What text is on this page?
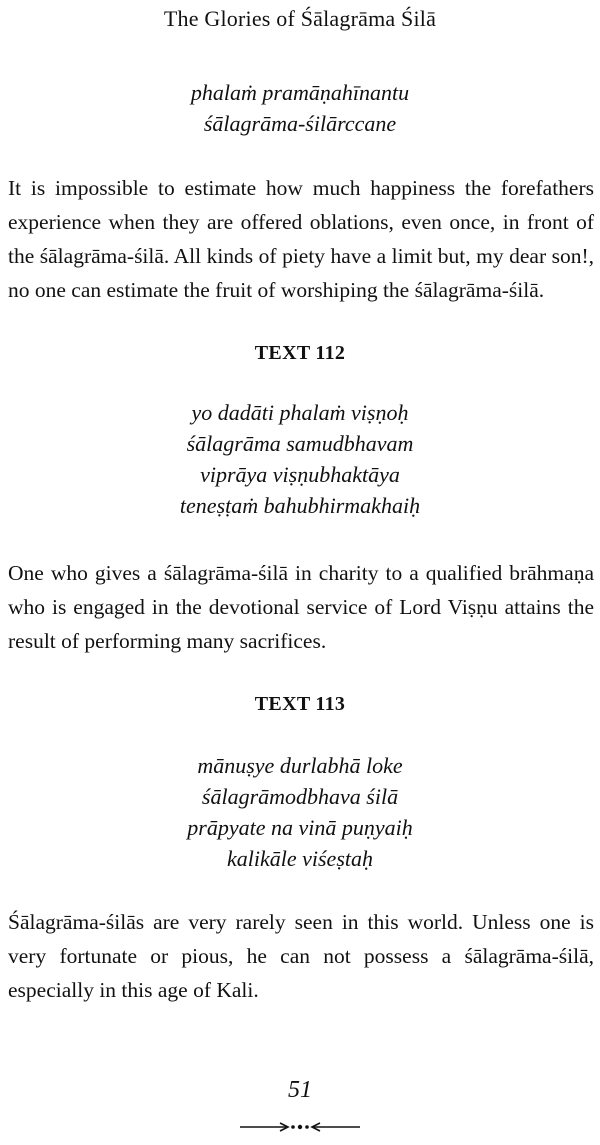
The Glories of Śālagrāma Śilā
phalaṁ pramāṇahīnantu
śālagrāma-śilārccane

It is impossible to estimate how much happiness the forefathers experience when they are offered oblations, even once, in front of the śālagrāma-śilā. All kinds of piety have a limit but, my dear son!, no one can estimate the fruit of worshiping the śālagrāma-śilā.

TEXT 112
yo dadāti phalaṁ viṣṇoḥ
śālagrāma samudbhavam
viprāya viṣṇubhaktāya
teneṣṭaṁ bahubhirmakhaiḥ

One who gives a śālagrāma-śilā in charity to a qualified brāhmaṇa who is engaged in the devotional service of Lord Viṣṇu attains the result of performing many sacrifices.

TEXT 113
mānuṣye durlabhā loke
śālagrāmodbhava śilā
prāpyate na vinā puṇyaiḥ
kalikāle viśeṣtaḥ

Śālagrāma-śilās are very rarely seen in this world. Unless one is very fortunate or pious, he can not possess a śālagrāma-śilā, especially in this age of Kali.

51
